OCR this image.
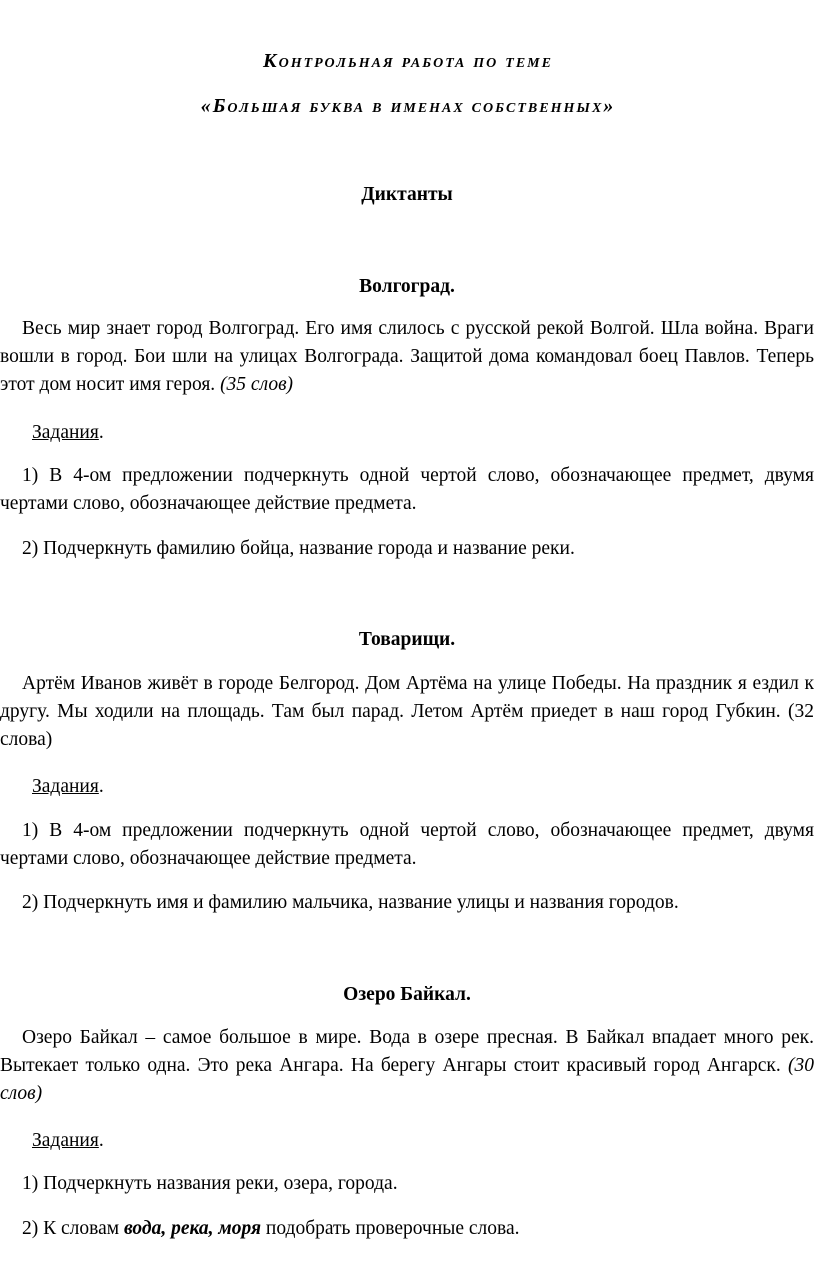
Контрольная работа по теме

«Большая буква в именах собственных»

Диктанты

Волгоград.

Весь мир знает город Волгоград. Его имя слилось с русской рекой Волгой. Шла война. Враги вошли в город. Бои шли на улицах Волгограда. Защитой дома командовал боец Павлов. Теперь этот дом носит имя героя. (35 слов)

Задания.

1) В 4-ом предложении подчеркнуть одной чертой слово, обозначающее предмет, двумя чертами слово, обозначающее действие предмета.

2) Подчеркнуть фамилию бойца, название города и название реки.

Товарищи.

Артём Иванов живёт в городе Белгород. Дом Артёма на улице Победы. На праздник я ездил к другу. Мы ходили на площадь. Там был парад. Летом Артём приедет в наш город Губкин. (32 слова)

Задания.

1) В 4-ом предложении подчеркнуть одной чертой слово, обозначающее предмет, двумя чертами слово, обозначающее действие предмета.

2) Подчеркнуть имя и фамилию мальчика, название улицы и названия городов.

Озеро Байкал.

Озеро Байкал – самое большое в мире. Вода в озере пресная. В Байкал впадает много рек. Вытекает только одна. Это река Ангара. На берегу Ангары стоит красивый город Ангарск. (30 слов)

Задания.

1) Подчеркнуть названия реки, озера, города.

2) К словам вода, река, моря подобрать проверочные слова.
